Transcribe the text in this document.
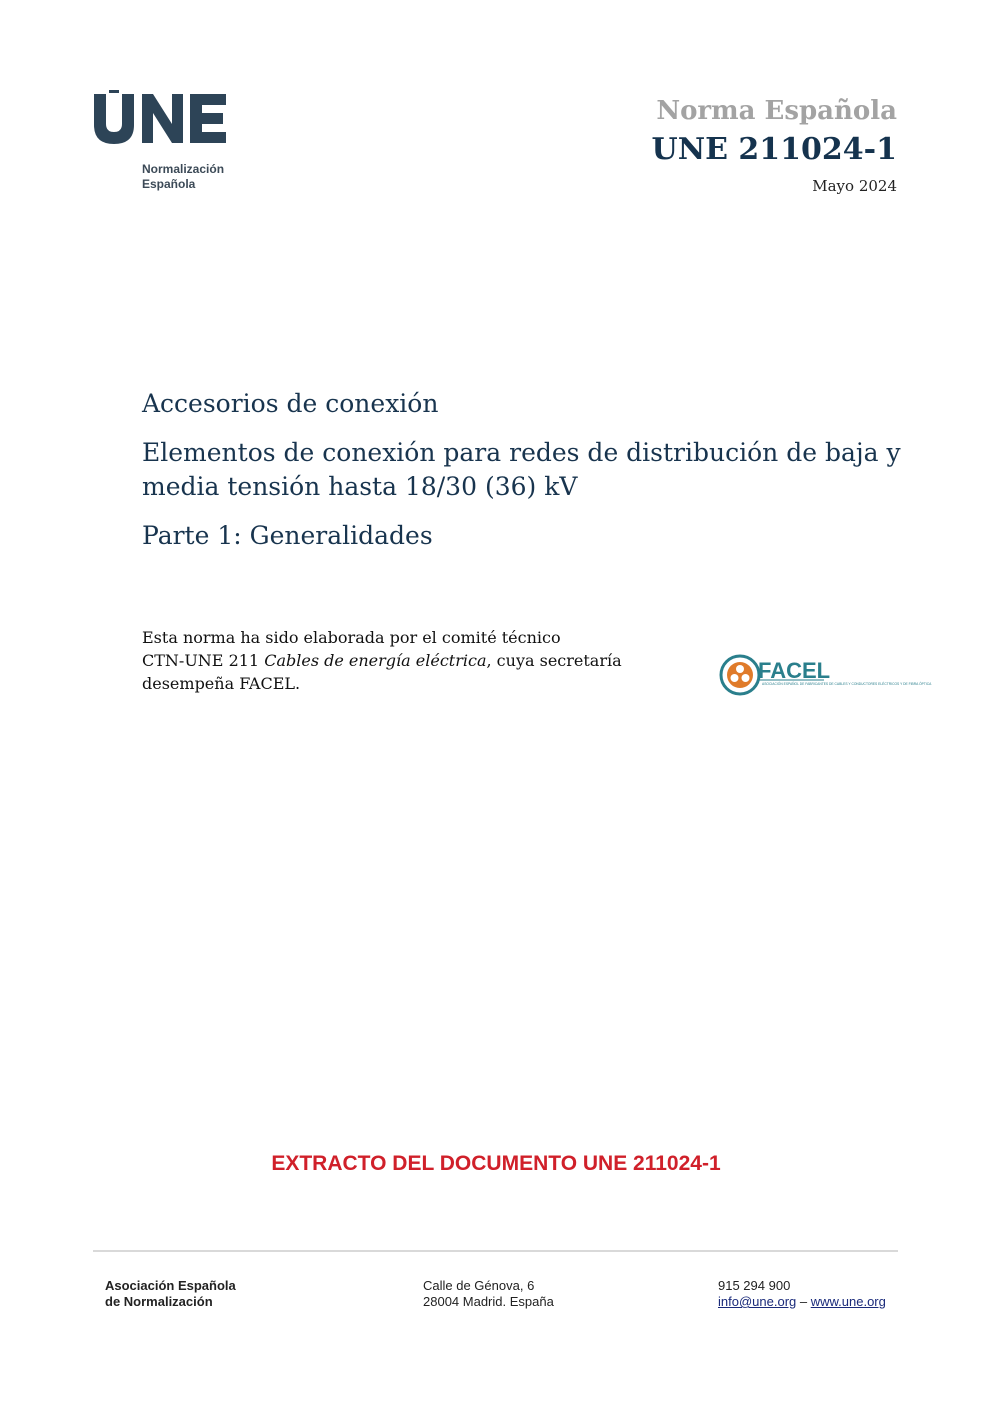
Normalización
Española
Norma Española
UNE 211024-1
Mayo 2024
Accesorios de conexión
Elementos de conexión para redes de distribución de baja y media tensión hasta 18/30 (36) kV
Parte 1: Generalidades
Esta norma ha sido elaborada por el comité técnico
CTN-UNE 211 Cables de energía eléctrica, cuya secretaría
desempeña FACEL.
FACEL
ASOCIACIÓN ESPAÑOL DE FABRICANTES DE CABLES Y CONDUCTORES ELÉCTRICOS Y DE FIBRA ÓPTICA
EXTRACTO DEL DOCUMENTO UNE 211024-1
Asociación Española
de Normalización
Calle de Génova, 6
28004 Madrid. España
915 294 900
info@une.org – www.une.org
